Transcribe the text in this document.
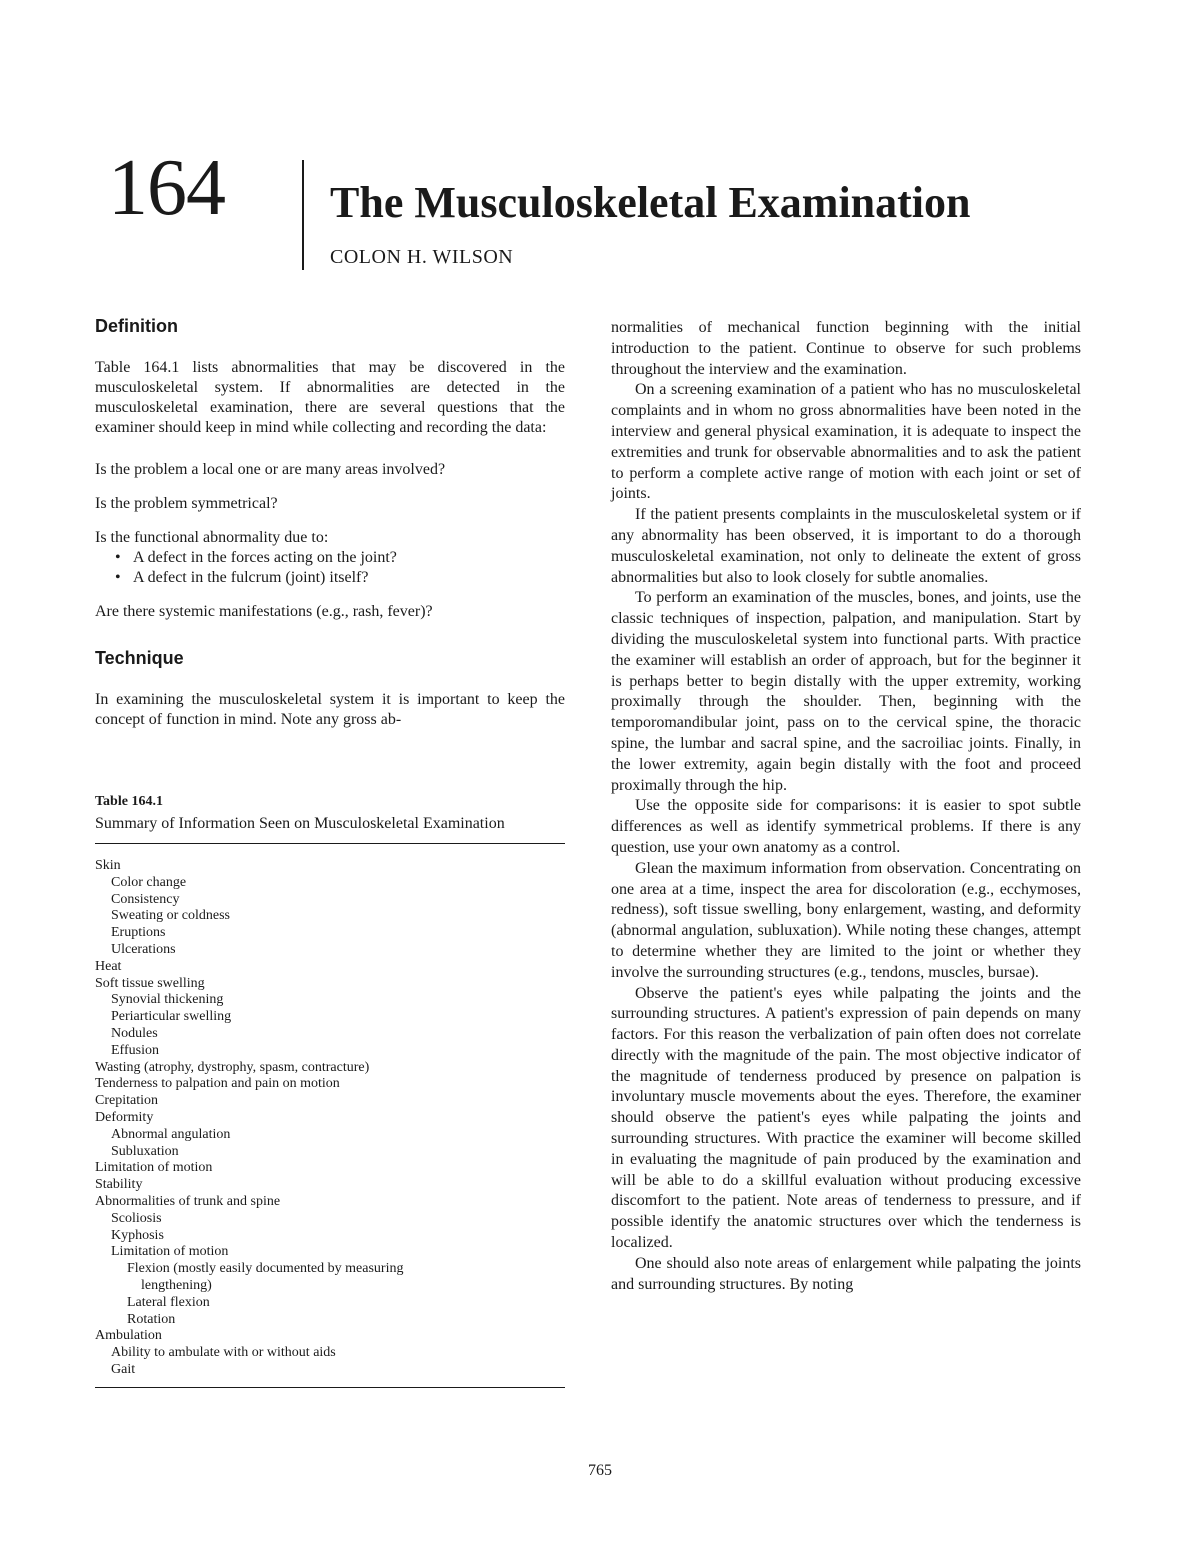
164 The Musculoskeletal Examination
COLON H. WILSON
Definition

Table 164.1 lists abnormalities that may be discovered in the musculoskeletal system. If abnormalities are detected in the musculoskeletal examination, there are several questions that the examiner should keep in mind while collecting and recording the data:

Is the problem a local one or are many areas involved?
Is the problem symmetrical?
Is the functional abnormality due to:
• A defect in the forces acting on the joint?
• A defect in the fulcrum (joint) itself?
Are there systemic manifestations (e.g., rash, fever)?
Technique

In examining the musculoskeletal system it is important to keep the concept of function in mind. Note any gross ab-

Table 164.1
Summary of Information Seen on Musculoskeletal Examination
Skin
Color change
Consistency
Sweating or coldness
Eruptions
Ulcerations
Heat
Soft tissue swelling
Synovial thickening
Periarticular swelling
Nodules
Effusion
Wasting (atrophy, dystrophy, spasm, contracture)
Tenderness to palpation and pain on motion
Crepitation
Deformity
Abnormal angulation
Subluxation
Limitation of motion
Stability
Abnormalities of trunk and spine
Scoliosis
Kyphosis
Limitation of motion
Flexion (mostly easily documented by measuring
lengthening)
Lateral flexion
Rotation
Ambulation
Ability to ambulate with or without aids
Gait

normalities of mechanical function beginning with the initial introduction to the patient. Continue to observe for such problems throughout the interview and the examination.

On a screening examination of a patient who has no musculoskeletal complaints and in whom no gross abnormalities have been noted in the interview and general physical examination, it is adequate to inspect the extremities and trunk for observable abnormalities and to ask the patient to perform a complete active range of motion with each joint or set of joints.

If the patient presents complaints in the musculoskeletal system or if any abnormality has been observed, it is important to do a thorough musculoskeletal examination, not only to delineate the extent of gross abnormalities but also to look closely for subtle anomalies.

To perform an examination of the muscles, bones, and joints, use the classic techniques of inspection, palpation, and manipulation. Start by dividing the musculoskeletal system into functional parts. With practice the examiner will establish an order of approach, but for the beginner it is perhaps better to begin distally with the upper extremity, working proximally through the shoulder. Then, beginning with the temporomandibular joint, pass on to the cervical spine, the thoracic spine, the lumbar and sacral spine, and the sacroiliac joints. Finally, in the lower extremity, again begin distally with the foot and proceed proximally through the hip.

Use the opposite side for comparisons: it is easier to spot subtle differences as well as identify symmetrical problems. If there is any question, use your own anatomy as a control.

Glean the maximum information from observation. Concentrating on one area at a time, inspect the area for discoloration (e.g., ecchymoses, redness), soft tissue swelling, bony enlargement, wasting, and deformity (abnormal angulation, subluxation). While noting these changes, attempt to determine whether they are limited to the joint or whether they involve the surrounding structures (e.g., tendons, muscles, bursae).

Observe the patient's eyes while palpating the joints and the surrounding structures. A patient's expression of pain depends on many factors. For this reason the verbalization of pain often does not correlate directly with the magnitude of the pain. The most objective indicator of the magnitude of tenderness produced by presence on palpation is involuntary muscle movements about the eyes. Therefore, the examiner should observe the patient's eyes while palpating the joints and surrounding structures. With practice the examiner will become skilled in evaluating the magnitude of pain produced by the examination and will be able to do a skillful evaluation without producing excessive discomfort to the patient. Note areas of tenderness to pressure, and if possible identify the anatomic structures over which the tenderness is localized.

One should also note areas of enlargement while palpating the joints and surrounding structures. By noting

765
